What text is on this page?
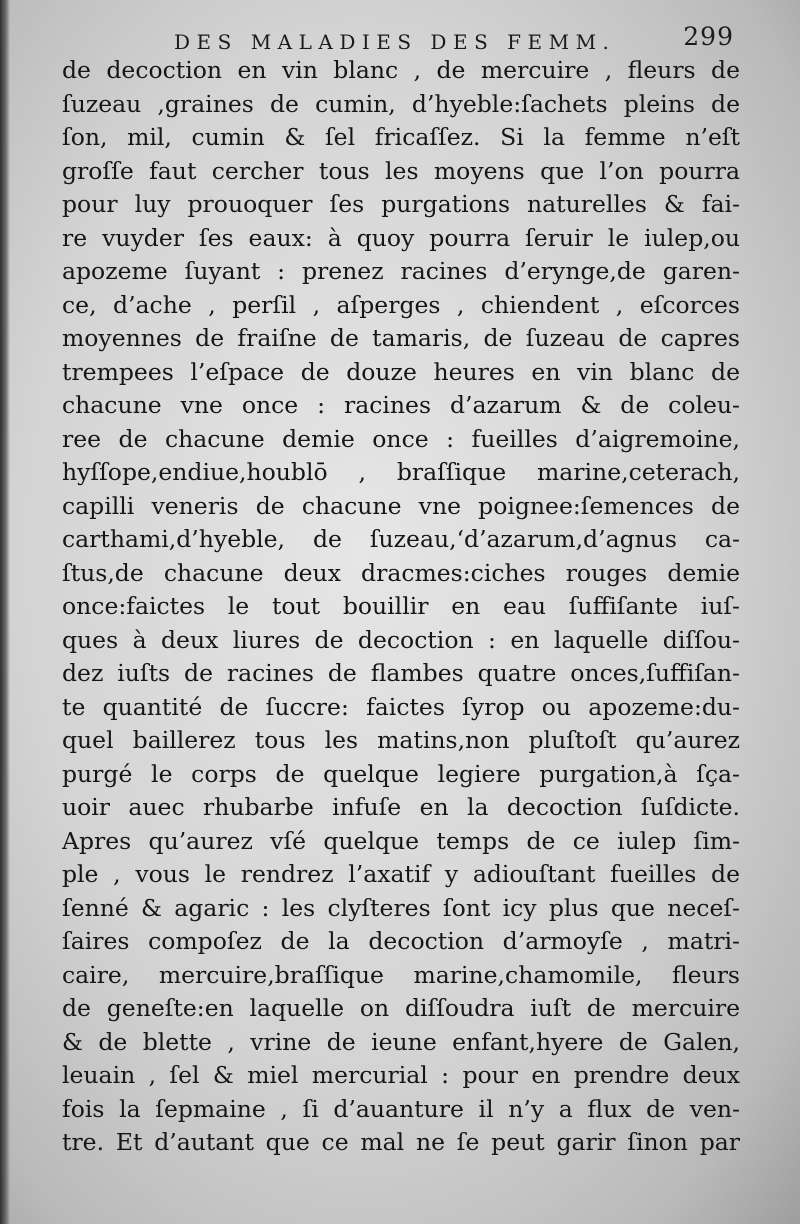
DES MALADIES DES FEMM.	299
de decoction en vin blanc , de mercuire , fleurs de
ſuzeau ,graines de cumin, d’hyeble:ſachets pleins de
ſon, mil, cumin & ſel fricaſſez. Si la femme n’eſt
groſſe faut cercher tous les moyens que l’on pourra
pour luy prouoquer ſes purgations naturelles & fai-
re vuyder ſes eaux: à quoy pourra ſeruir le iulep,ou
apozeme ſuyant : prenez racines d’eryngе,de garen-
ce, d’ache , perſil , aſperges , chiendent , eſcorces
moyennes de fraiſne de tamaris, de ſuzeau de capres
trempees l’eſpace de douze heures en vin blanc de
chacune vne once : racines d’azarum & de coleu-
ree de chacune demie once : fueilles d’aigremoine,
hyſſope,endiue,houblō , braſſique marine,ceterach,
capilli veneris de chacune vne poignee:ſemences de
carthami,d’hyeble, de ſuzeau,‘d’azarum,d’agnus ca-
ſtus,de chacune deux dracmes:ciches rouges demie
once:faictes le tout bouillir en eau ſuffiſante iuſ-
ques à deux liures de decoction : en laquelle diſſou-
dez iuſts de racines de flambes quatre onces,ſuffiſan-
te quantité de ſuccre: faictes ſyrop ou apozeme:du-
quel baillerez tous les matins,non pluſtoſt qu’aurez
purgé le corps de quelque legiere purgation,à ſça-
uoir auec rhubarbe infuſe en la decoction ſuſdicte.
Apres qu’aurez vſé quelque temps de ce iulep ſim-
ple , vous le rendrez l’axatif y adiouſtant fueilles de
ſenné & agaric : les clyſteres ſont icy plus que neceſ-
ſaires compoſez de la decoction d’armoyſe , matri-
caire, mercuire,braſſique marine,chamomile, fleurs
de geneſte:en laquelle on diſſoudra iuſt de mercuire
& de blette , vrine de ieune enfant,hyere de Galen,
leuain , ſel & miel mercurial : pour en prendre deux
fois la ſepmaine , ſi d’auanture il n’y a flux de ven-
tre. Et d’autant que ce mal ne ſe peut garir ſinon par
